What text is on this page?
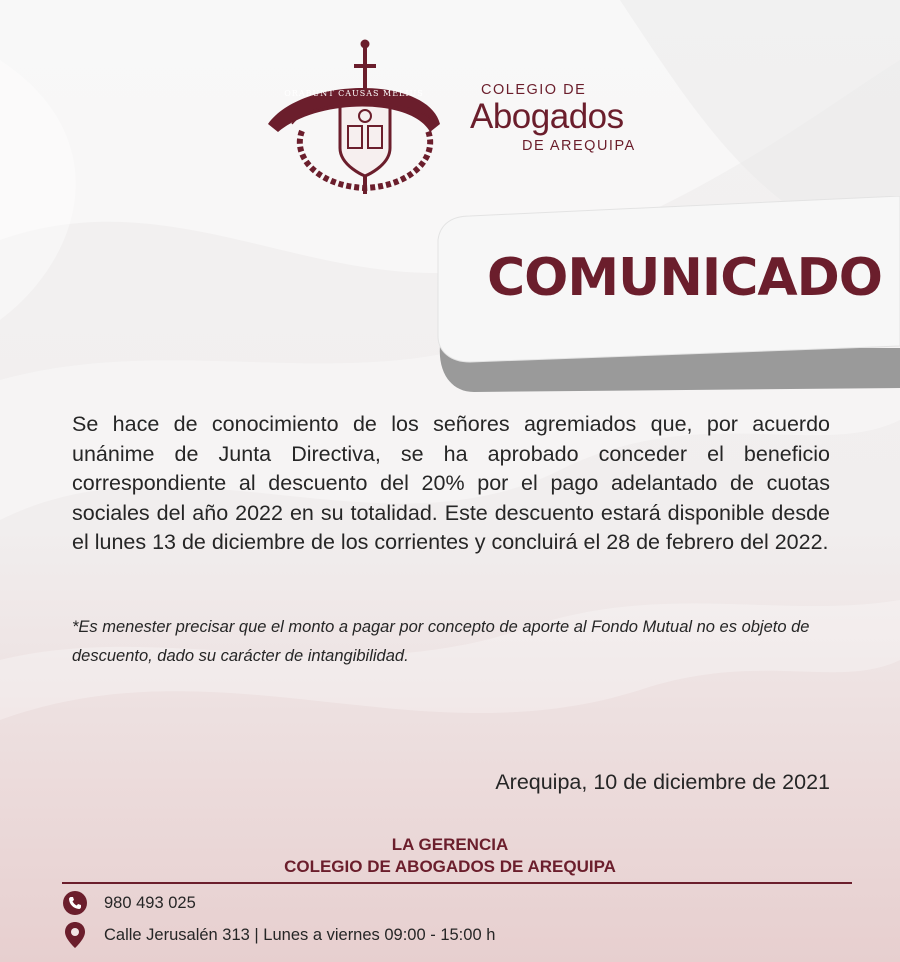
ORABUNT CAUSAS MELIUS	COLEGIO DE
Abogados
DE AREQUIPA
COMUNICADO

Se hace de conocimiento de los señores agremiados que, por acuerdo unánime de Junta Directiva, se ha aprobado conceder el beneficio correspondiente al descuento del 20% por el pago adelantado de cuotas sociales del año 2022 en su totalidad. Este descuento estará disponible desde el lunes 13 de diciembre de los corrientes y concluirá el 28 de febrero del 2022.

*Es menester precisar que el monto a pagar por concepto de aporte al Fondo Mutual no es objeto de descuento, dado su carácter de intangibilidad.

Arequipa, 10 de diciembre de 2021
LA GERENCIA
COLEGIO DE ABOGADOS DE AREQUIPA
980 493 025
Calle Jerusalén 313 | Lunes a viernes 09:00 - 15:00 h
